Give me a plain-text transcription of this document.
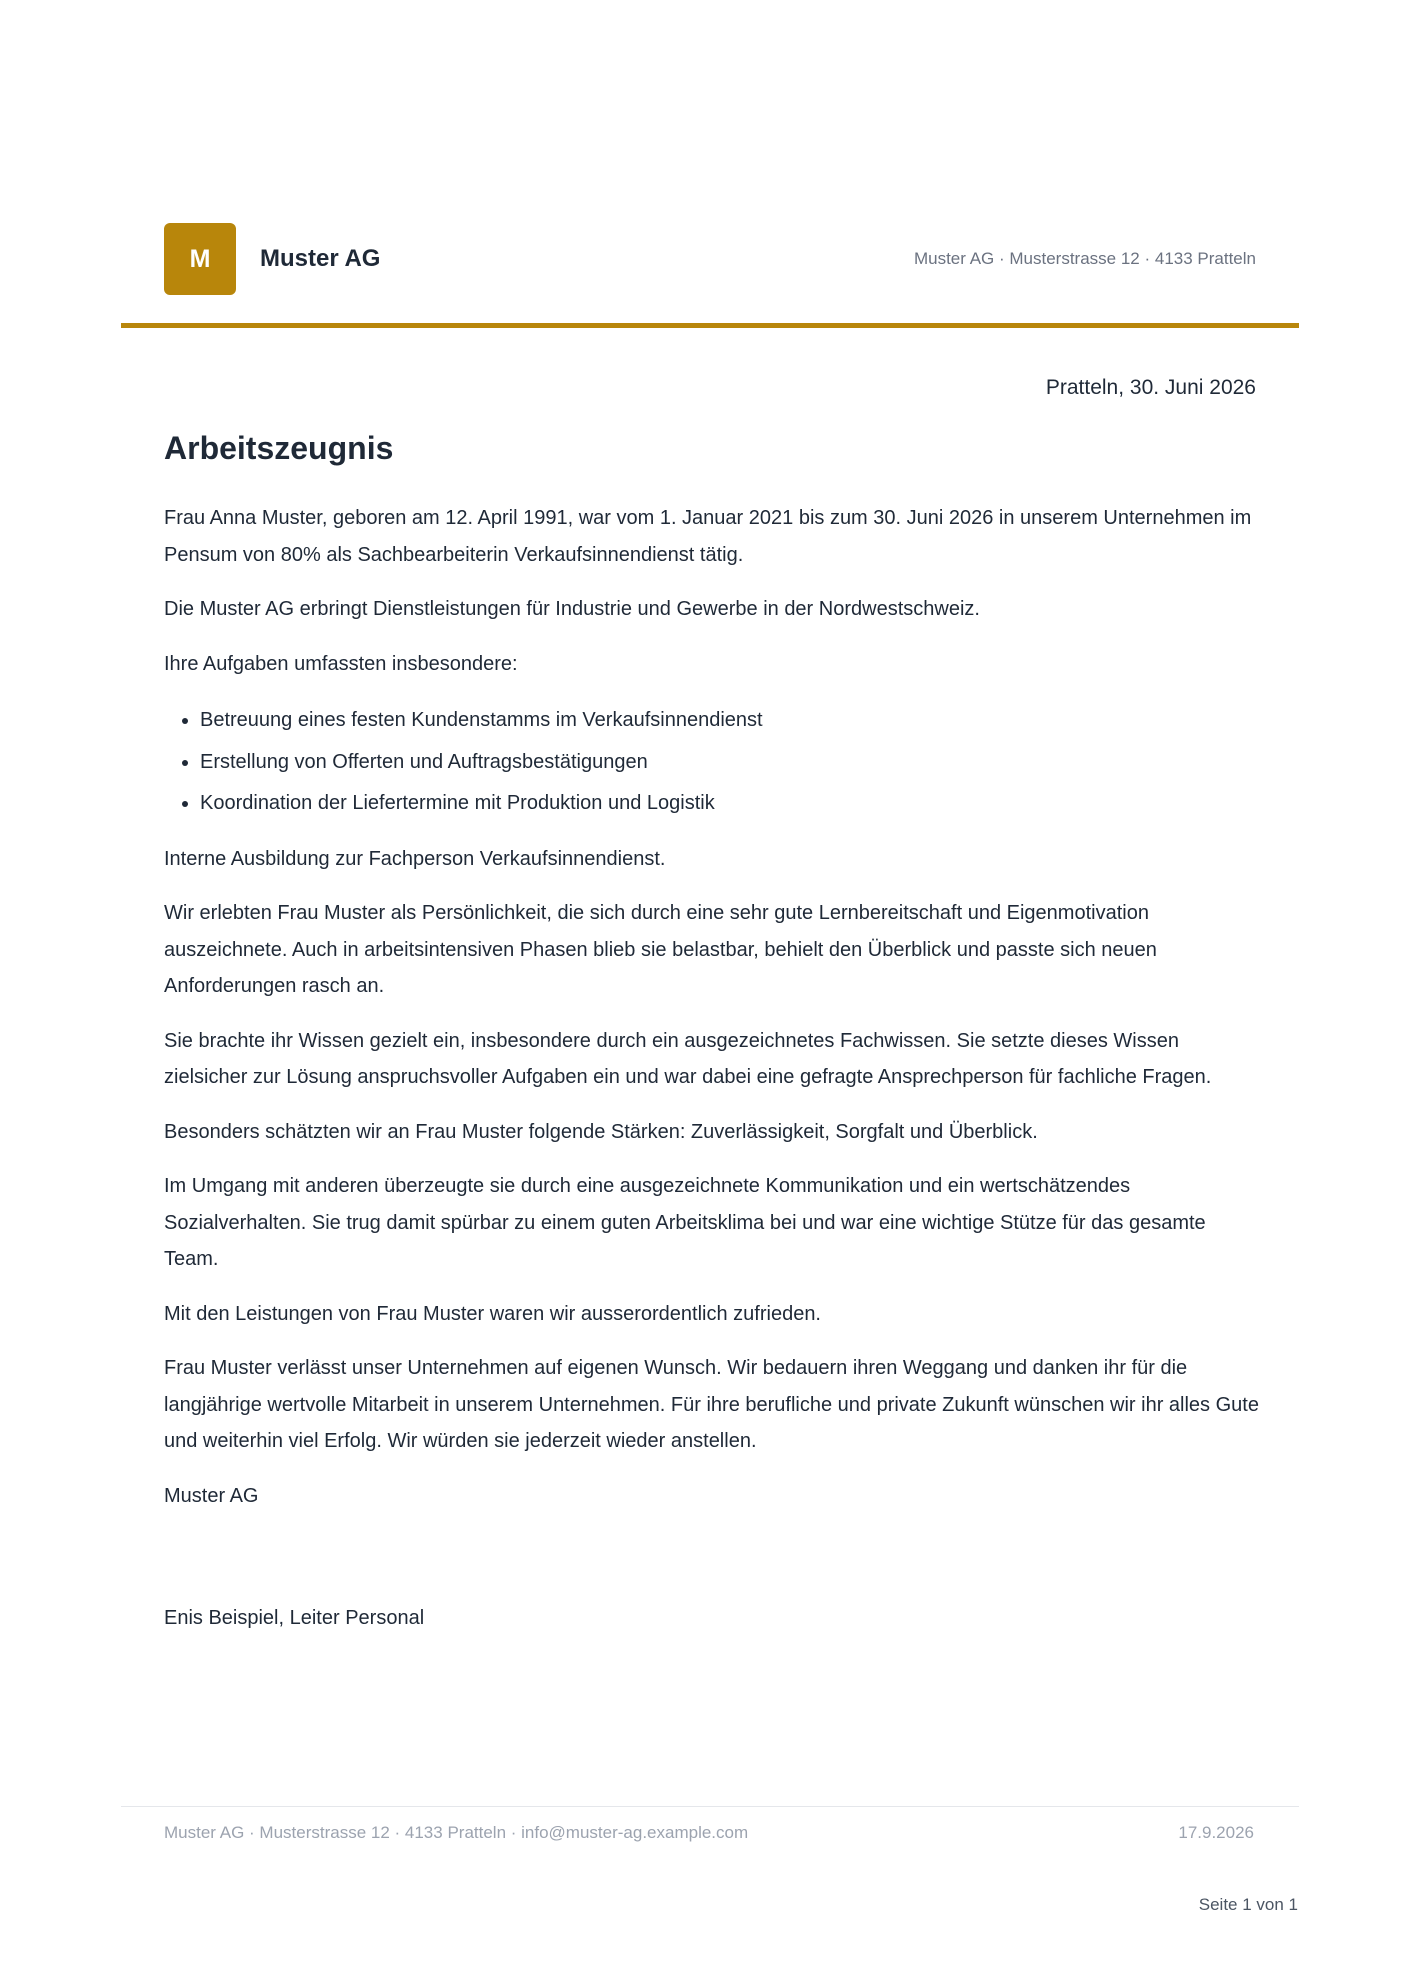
M Muster AG	Muster AG · Musterstrasse 12 · 4133 Pratteln
Pratteln, 30. Juni 2026
Arbeitszeugnis

Frau Anna Muster, geboren am 12. April 1991, war vom 1. Januar 2021 bis zum 30. Juni 2026 in unserem Unternehmen im Pensum von 80% als Sachbearbeiterin Verkaufsinnendienst tätig.

Die Muster AG erbringt Dienstleistungen für Industrie und Gewerbe in der Nordwestschweiz.

Ihre Aufgaben umfassten insbesondere:

• Betreuung eines festen Kundenstamms im Verkaufsinnendienst
• Erstellung von Offerten und Auftragsbestätigungen
• Koordination der Liefertermine mit Produktion und Logistik

Interne Ausbildung zur Fachperson Verkaufsinnendienst.

Wir erlebten Frau Muster als Persönlichkeit, die sich durch eine sehr gute Lernbereitschaft und Eigenmotivation auszeichnete. Auch in arbeitsintensiven Phasen blieb sie belastbar, behielt den Überblick und passte sich neuen Anforderungen rasch an.

Sie brachte ihr Wissen gezielt ein, insbesondere durch ein ausgezeichnetes Fachwissen. Sie setzte dieses Wissen zielsicher zur Lösung anspruchsvoller Aufgaben ein und war dabei eine gefragte Ansprechperson für fachliche Fragen.

Besonders schätzten wir an Frau Muster folgende Stärken: Zuverlässigkeit, Sorgfalt und Überblick.

Im Umgang mit anderen überzeugte sie durch eine ausgezeichnete Kommunikation und ein wertschätzendes Sozialverhalten. Sie trug damit spürbar zu einem guten Arbeitsklima bei und war eine wichtige Stütze für das gesamte Team.

Mit den Leistungen von Frau Muster waren wir ausserordentlich zufrieden.

Frau Muster verlässt unser Unternehmen auf eigenen Wunsch. Wir bedauern ihren Weggang und danken ihr für die langjährige wertvolle Mitarbeit in unserem Unternehmen. Für ihre berufliche und private Zukunft wünschen wir ihr alles Gute und weiterhin viel Erfolg. Wir würden sie jederzeit wieder anstellen.

Muster AG

Enis Beispiel, Leiter Personal

Muster AG · Musterstrasse 12 · 4133 Pratteln · info@muster-ag.example.com	17.9.2026
Seite 1 von 1
